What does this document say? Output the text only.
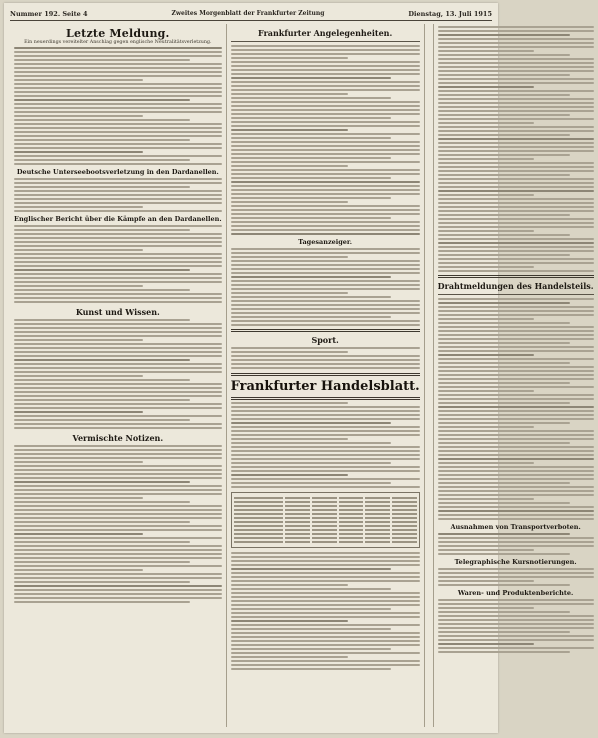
Nummer 192. Seite 4	Zweites Morgenblatt der Frankfurter Zeitung	Dienstag, 13. Juli 1915
Letzte Meldung.
Ein neuerdings vereitelter Anschlag gegen englische Neutralitätsverletzung.
Deutsche Unterseebootsverletzung in den Dardanellen.
Englischer Bericht über die Kämpfe an den Dardanellen.
Kunst und Wissen.
Vermischte Notizen.
Frankfurter Angelegenheiten.
Tagesanzeiger.
Sport.
Frankfurter Handelsblatt.
Drahtmeldungen des Handelsteils.
Ausnahmen von Transportverboten.
Telegraphische Kursnotierungen.
Waren- und Produktenberichte.
